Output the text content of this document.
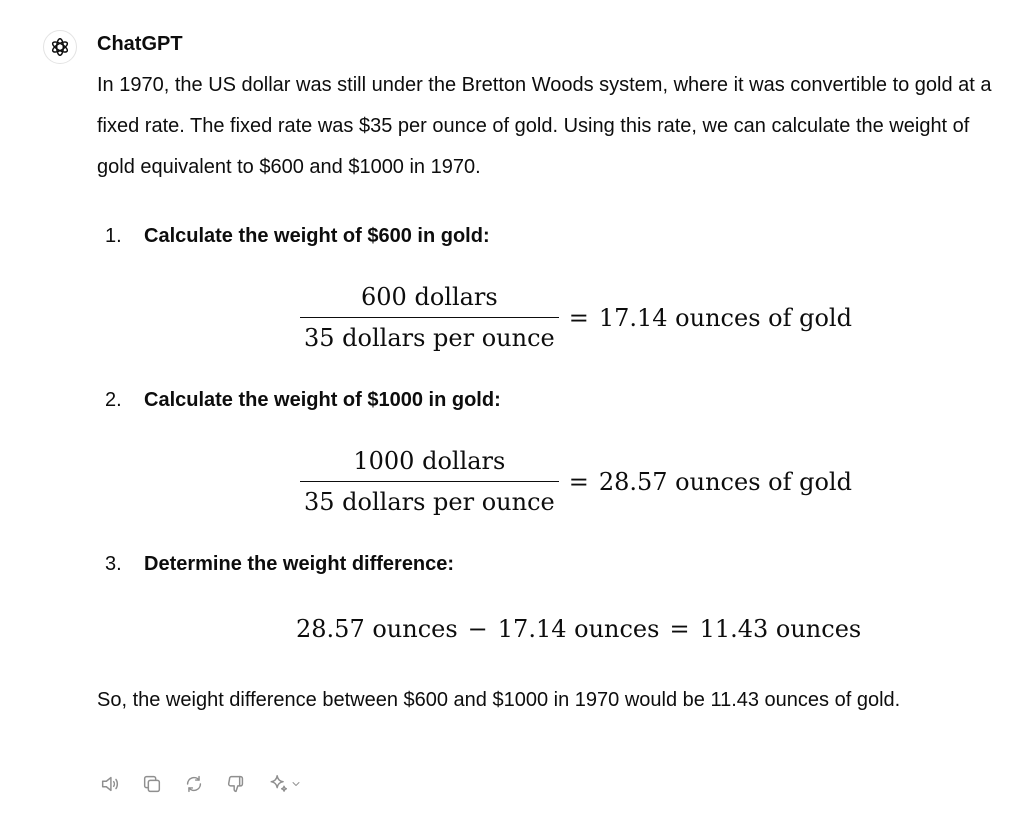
ChatGPT
In 1970, the US dollar was still under the Bretton Woods system, where it was convertible to gold at a fixed rate. The fixed rate was $35 per ounce of gold. Using this rate, we can calculate the weight of gold equivalent to $600 and $1000 in 1970.
1. Calculate the weight of $600 in gold:
$\frac{\text{600 dollars}}{\text{35 dollars per ounce}} = 17.14$ ounces of gold
2. Calculate the weight of $1000 in gold:
$\frac{\text{1000 dollars}}{\text{35 dollars per ounce}} = 28.57$ ounces of gold
3. Determine the weight difference:
28.57 ounces − 17.14 ounces = 11.43 ounces
So, the weight difference between $600 and $1000 in 1970 would be 11.43 ounces of gold.
